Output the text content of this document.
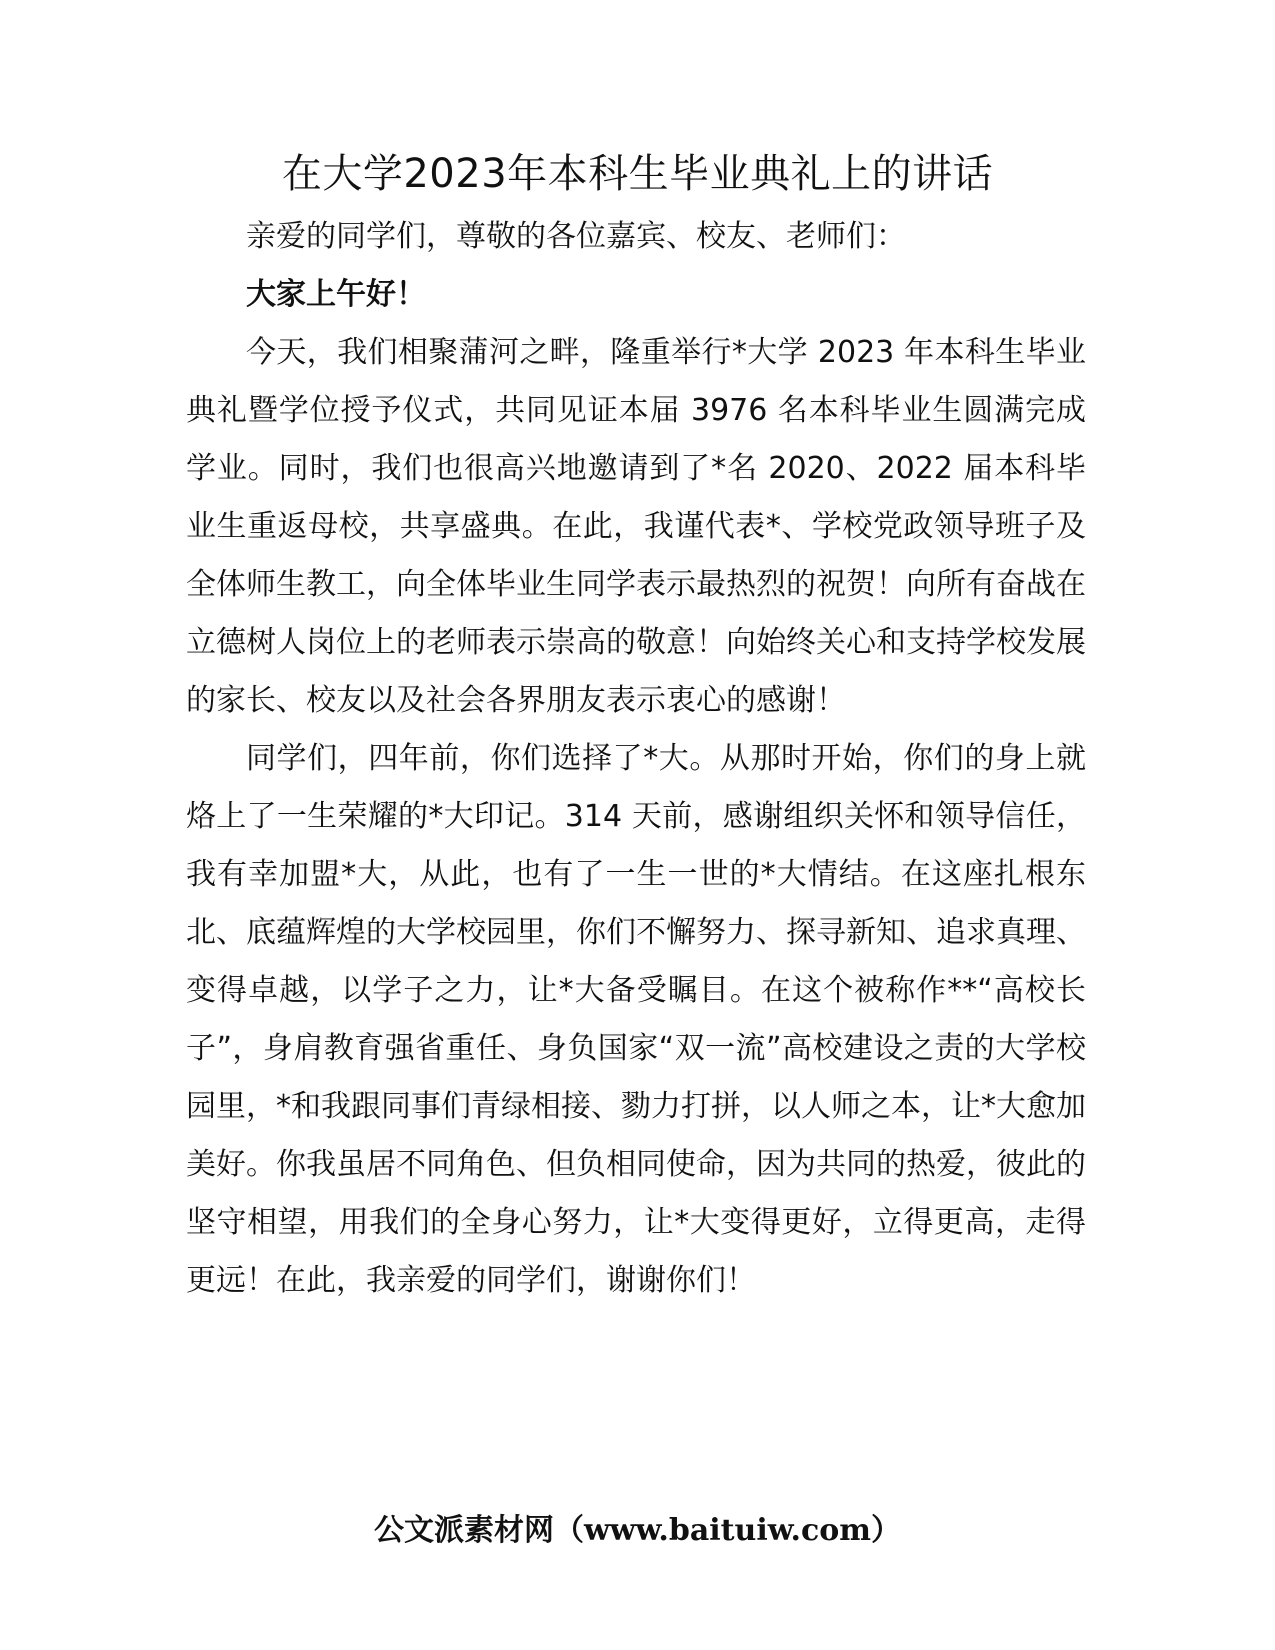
在大学2023年本科生毕业典礼上的讲话

亲爱的同学们，尊敬的各位嘉宾、校友、老师们：

大家上午好！

今天，我们相聚蒲河之畔，隆重举行*大学 2023 年本科生毕业典礼暨学位授予仪式，共同见证本届 3976 名本科毕业生圆满完成学业。同时，我们也很高兴地邀请到了*名 2020、2022 届本科毕业生重返母校，共享盛典。在此，我谨代表*、学校党政领导班子及全体师生教工，向全体毕业生同学表示最热烈的祝贺！向所有奋战在立德树人岗位上的老师表示崇高的敬意！向始终关心和支持学校发展的家长、校友以及社会各界朋友表示衷心的感谢！

同学们，四年前，你们选择了*大。从那时开始，你们的身上就烙上了一生荣耀的*大印记。314 天前，感谢组织关怀和领导信任，我有幸加盟*大，从此，也有了一生一世的*大情结。在这座扎根东北、底蕴辉煌的大学校园里，你们不懈努力、探寻新知、追求真理、变得卓越，以学子之力，让*大备受瞩目。在这个被称作**“高校长子”，身肩教育强省重任、身负国家“双一流”高校建设之责的大学校园里，*和我跟同事们青绿相接、勠力打拼，以人师之本，让*大愈加美好。你我虽居不同角色、但负相同使命，因为共同的热爱，彼此的坚守相望，用我们的全身心努力，让*大变得更好，立得更高，走得更远！在此，我亲爱的同学们，谢谢你们！

公文派素材网（www.baituiw.com）
